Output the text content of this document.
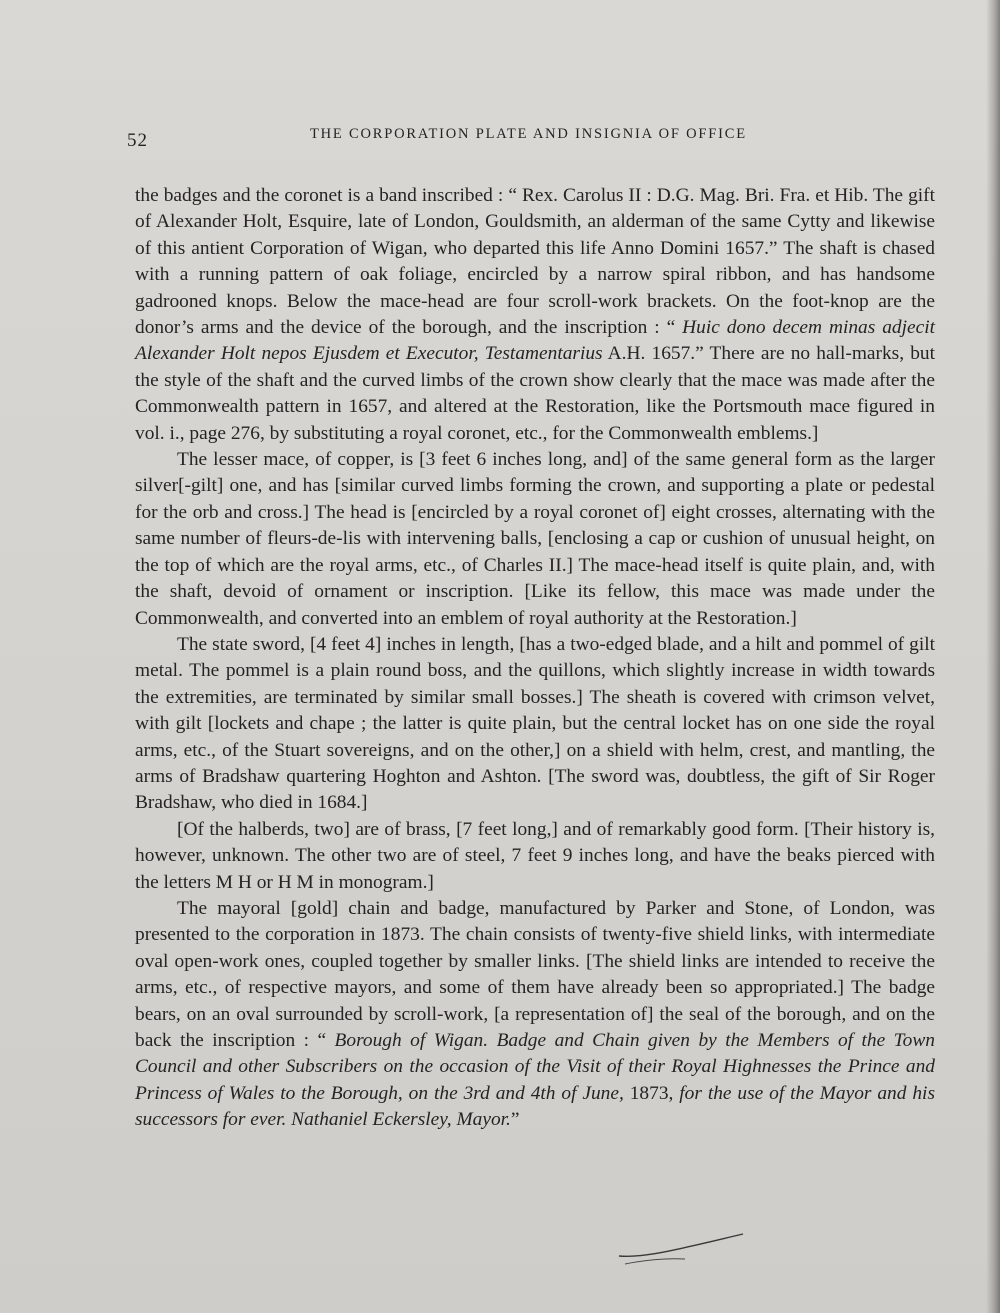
52	THE CORPORATION PLATE AND INSIGNIA OF OFFICE

the badges and the coronet is a band inscribed : “ Rex. Carolus II : D.G. Mag. Bri. Fra. et Hib. The gift of Alexander Holt, Esquire, late of London, Gouldsmith, an alderman of the same Cytty and likewise of this antient Corporation of Wigan, who departed this life Anno Domini 1657.” The shaft is chased with a running pattern of oak foliage, encircled by a narrow spiral ribbon, and has handsome gadrooned knops. Below the mace-head are four scroll-work brackets. On the foot-knop are the donor’s arms and the device of the borough, and the inscription : “ Huic dono decem minas adjecit Alexander Holt nepos Ejusdem et Executor, Testamentarius A.H. 1657.” There are no hall-marks, but the style of the shaft and the curved limbs of the crown show clearly that the mace was made after the Commonwealth pattern in 1657, and altered at the Restoration, like the Portsmouth mace figured in vol. i., page 276, by substituting a royal coronet, etc., for the Commonwealth emblems.]

The lesser mace, of copper, is [3 feet 6 inches long, and] of the same general form as the larger silver[-gilt] one, and has [similar curved limbs forming the crown, and supporting a plate or pedestal for the orb and cross.] The head is [encircled by a royal coronet of] eight crosses, alternating with the same number of fleurs-de-lis with intervening balls, [enclosing a cap or cushion of unusual height, on the top of which are the royal arms, etc., of Charles II.] The mace-head itself is quite plain, and, with the shaft, devoid of ornament or inscription. [Like its fellow, this mace was made under the Commonwealth, and converted into an emblem of royal authority at the Restoration.]

The state sword, [4 feet 4] inches in length, [has a two-edged blade, and a hilt and pommel of gilt metal. The pommel is a plain round boss, and the quillons, which slightly increase in width towards the extremities, are terminated by similar small bosses.] The sheath is covered with crimson velvet, with gilt [lockets and chape ; the latter is quite plain, but the central locket has on one side the royal arms, etc., of the Stuart sovereigns, and on the other,] on a shield with helm, crest, and mantling, the arms of Bradshaw quartering Hoghton and Ashton. [The sword was, doubtless, the gift of Sir Roger Bradshaw, who died in 1684.]

[Of the halberds, two] are of brass, [7 feet long,] and of remarkably good form. [Their history is, however, unknown. The other two are of steel, 7 feet 9 inches long, and have the beaks pierced with the letters M H or H M in monogram.]

The mayoral [gold] chain and badge, manufactured by Parker and Stone, of London, was presented to the corporation in 1873. The chain consists of twenty-five shield links, with intermediate oval open-work ones, coupled together by smaller links. [The shield links are intended to receive the arms, etc., of respective mayors, and some of them have already been so appropriated.] The badge bears, on an oval surrounded by scroll-work, [a representation of] the seal of the borough, and on the back the inscription : “ Borough of Wigan. Badge and Chain given by the Members of the Town Council and other Subscribers on the occasion of the Visit of their Royal Highnesses the Prince and Princess of Wales to the Borough, on the 3rd and 4th of June, 1873, for the use of the Mayor and his successors for ever. Nathaniel Eckersley, Mayor.”
